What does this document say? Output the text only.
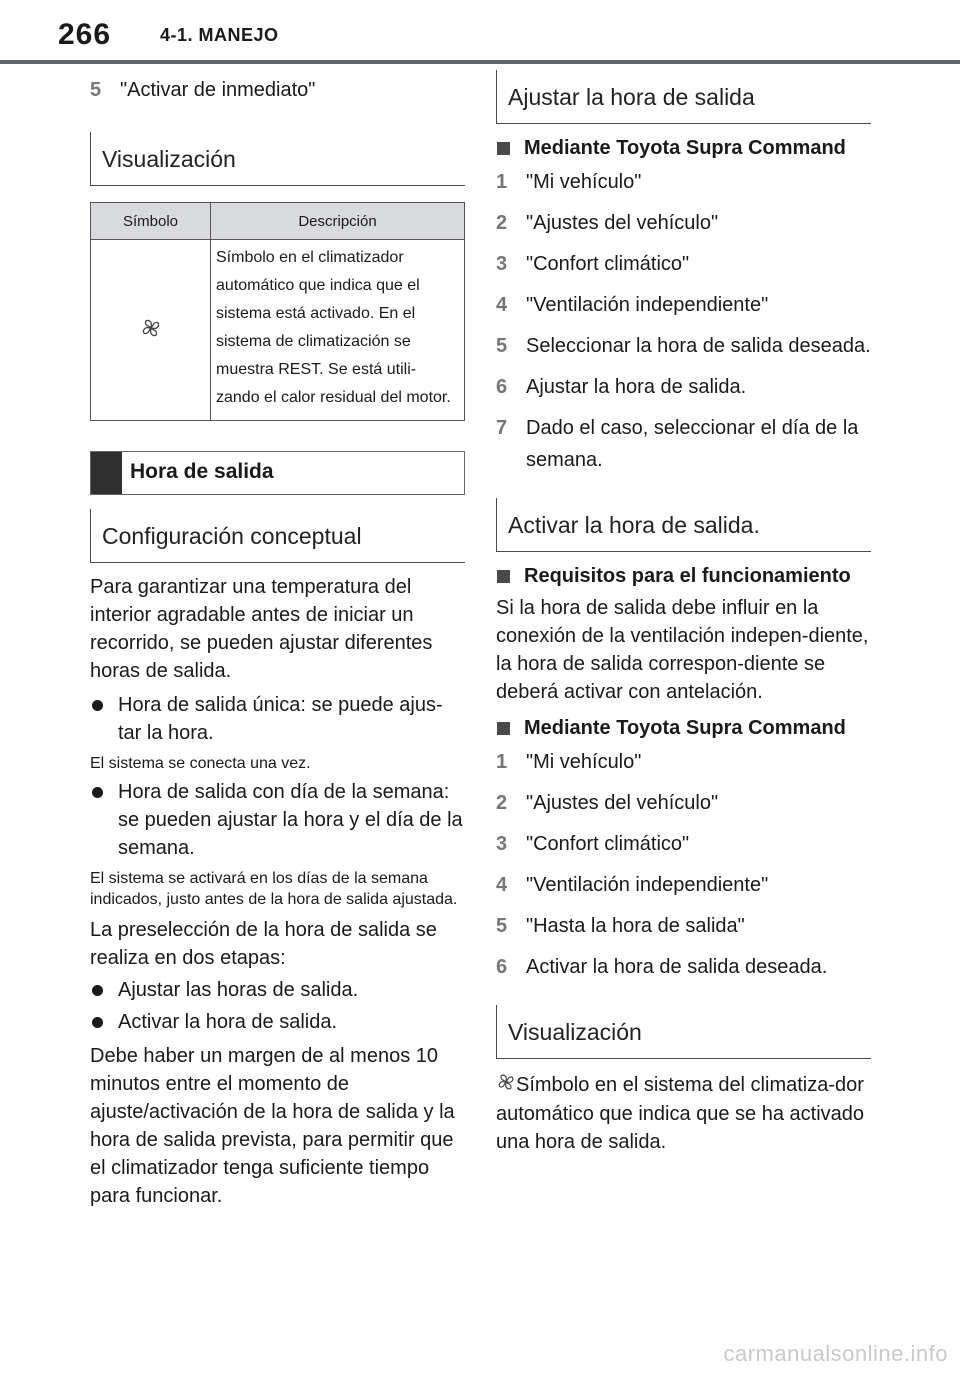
266	4-1. MANEJO
5 "Activar de inmediato"
Visualización
Símbolo	Descripción
Símbolo en el climatizador automático que indica que el sistema está activado. En el sistema de climatización se muestra REST. Se está utili-zando el calor residual del motor.
Hora de salida
Configuración conceptual

Para garantizar una temperatura del interior agradable antes de iniciar un recorrido, se pueden ajustar diferentes horas de salida.

Hora de salida única: se puede ajus-tar la hora.

El sistema se conecta una vez.

Hora de salida con día de la semana: se pueden ajustar la hora y el día de la semana.

El sistema se activará en los días de la semana indicados, justo antes de la hora de salida ajustada.

La preselección de la hora de salida se realiza en dos etapas:

Ajustar las horas de salida.
Activar la hora de salida.

Debe haber un margen de al menos 10 minutos entre el momento de ajuste/activación de la hora de salida y la hora de salida prevista, para permitir que el climatizador tenga suficiente tiempo para funcionar.

Ajustar la hora de salida
Mediante Toyota Supra Command
1 "Mi vehículo"
2 "Ajustes del vehículo"
3 "Confort climático"
4 "Ventilación independiente"
5 Seleccionar la hora de salida deseada.
6 Ajustar la hora de salida.
7 Dado el caso, seleccionar el día de la semana.
Activar la hora de salida.
Requisitos para el funcionamiento

Si la hora de salida debe influir en la conexión de la ventilación indepen-diente, la hora de salida correspon-diente se deberá activar con antelación.

Mediante Toyota Supra Command
1 "Mi vehículo"
2 "Ajustes del vehículo"
3 "Confort climático"
4 "Ventilación independiente"
5 "Hasta la hora de salida"
6 Activar la hora de salida deseada.
Visualización

Símbolo en el sistema del climatiza-dor automático que indica que se ha activado una hora de salida.

carmanualsonline.info
